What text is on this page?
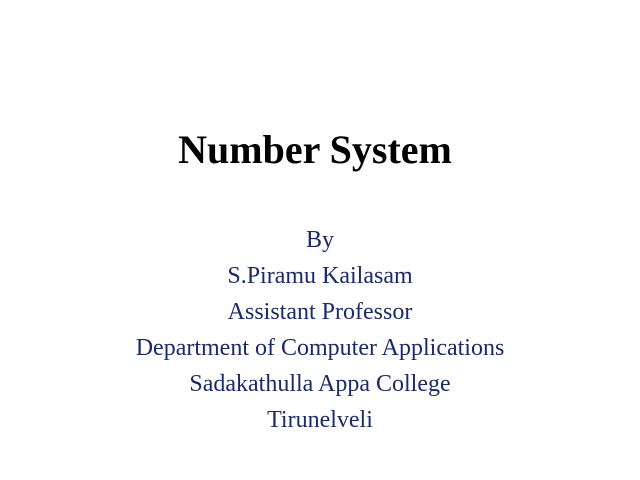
Number System
By
S.Piramu Kailasam
Assistant Professor
Department of Computer Applications
Sadakathulla Appa College
Tirunelveli
